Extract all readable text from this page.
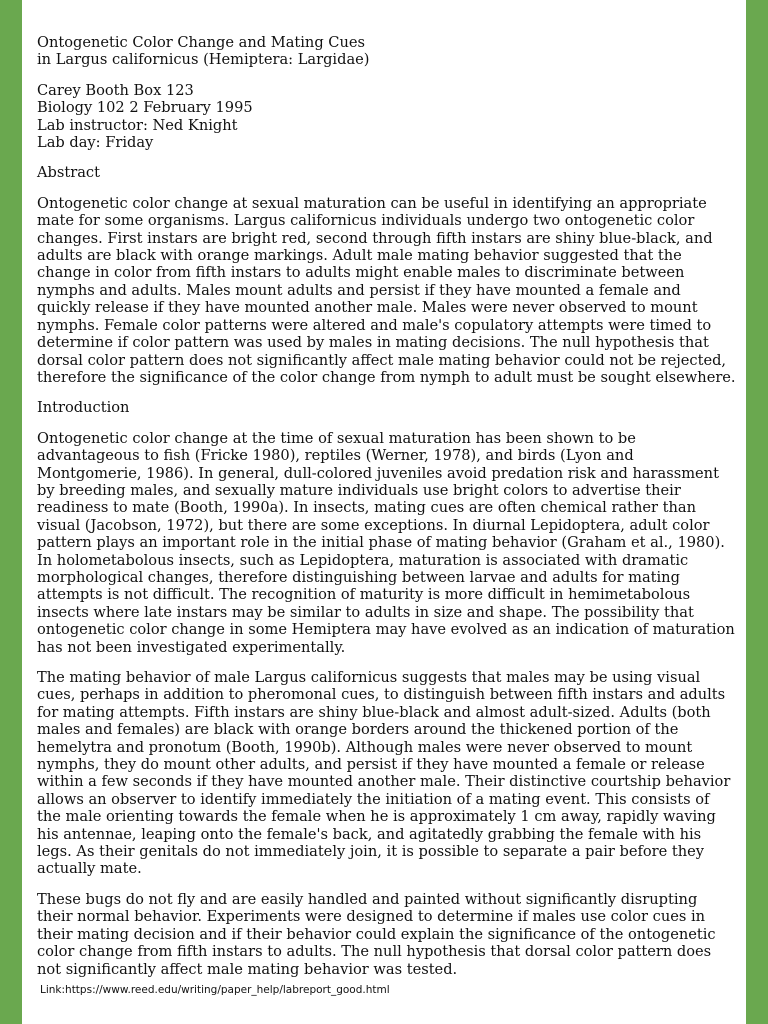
Ontogenetic Color Change and Mating Cues
in Largus californicus (Hemiptera: Largidae)
Carey Booth Box 123
Biology 102 2 February 1995
Lab instructor: Ned Knight
Lab day: Friday
Abstract

Ontogenetic color change at sexual maturation can be useful in identifying an appropriate mate for some organisms. Largus californicus individuals undergo two ontogenetic color changes. First instars are bright red, second through fifth instars are shiny blue-black, and adults are black with orange markings. Adult male mating behavior suggested that the change in color from fifth instars to adults might enable males to discriminate between nymphs and adults. Males mount adults and persist if they have mounted a female and quickly release if they have mounted another male. Males were never observed to mount nymphs. Female color patterns were altered and male's copulatory attempts were timed to determine if color pattern was used by males in mating decisions. The null hypothesis that dorsal color pattern does not significantly affect male mating behavior could not be rejected, therefore the significance of the color change from nymph to adult must be sought elsewhere.

Introduction

Ontogenetic color change at the time of sexual maturation has been shown to be advantageous to fish (Fricke 1980), reptiles (Werner, 1978), and birds (Lyon and Montgomerie, 1986). In general, dull-colored juveniles avoid predation risk and harassment by breeding males, and sexually mature individuals use bright colors to advertise their readiness to mate (Booth, 1990a). In insects, mating cues are often chemical rather than visual (Jacobson, 1972), but there are some exceptions. In diurnal Lepidoptera, adult color pattern plays an important role in the initial phase of mating behavior (Graham et al., 1980). In holometabolous insects, such as Lepidoptera, maturation is associated with dramatic morphological changes, therefore distinguishing between larvae and adults for mating attempts is not difficult. The recognition of maturity is more difficult in hemimetabolous insects where late instars may be similar to adults in size and shape. The possibility that ontogenetic color change in some Hemiptera may have evolved as an indication of maturation has not been investigated experimentally.

The mating behavior of male Largus californicus suggests that males may be using visual cues, perhaps in addition to pheromonal cues, to distinguish between fifth instars and adults for mating attempts. Fifth instars are shiny blue-black and almost adult-sized. Adults (both males and females) are black with orange borders around the thickened portion of the hemelytra and pronotum (Booth, 1990b). Although males were never observed to mount nymphs, they do mount other adults, and persist if they have mounted a female or release within a few seconds if they have mounted another male. Their distinctive courtship behavior allows an observer to identify immediately the initiation of a mating event. This consists of the male orienting towards the female when he is approximately 1 cm away, rapidly waving his antennae, leaping onto the female's back, and agitatedly grabbing the female with his legs. As their genitals do not immediately join, it is possible to separate a pair before they actually mate.

These bugs do not fly and are easily handled and painted without significantly disrupting their normal behavior. Experiments were designed to determine if males use color cues in their mating decision and if their behavior could explain the significance of the ontogenetic color change from fifth instars to adults. The null hypothesis that dorsal color pattern does not significantly affect male mating behavior was tested.

Link:https://www.reed.edu/writing/paper_help/labreport_good.html
